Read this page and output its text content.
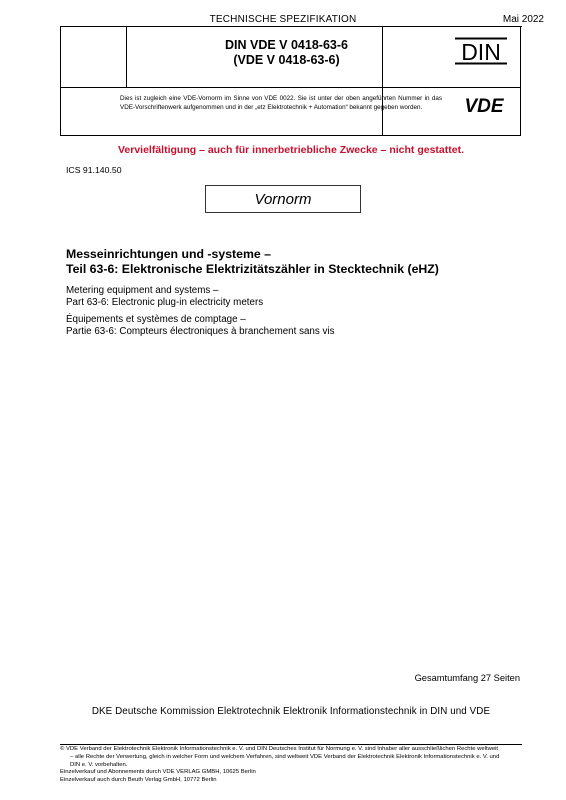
TECHNISCHE SPEZIFIKATION	Mai 2022
DIN VDE V 0418-63-6
(VDE V 0418-63-6)	DIN
Dies ist zugleich eine VDE-Vornorm im Sinne von VDE 0022. Sie ist unter der oben angeführten Nummer in das VDE-Vorschriftenwerk aufgenommen und in der „etz Elektrotechnik + Automation“ bekannt gegeben worden.	VDE
Vervielfältigung – auch für innerbetriebliche Zwecke – nicht gestattet.
ICS 91.140.50
Vornorm
Messeinrichtungen und -systeme –
Teil 63-6: Elektronische Elektrizitätszähler in Stecktechnik (eHZ)
Metering equipment and systems –
Part 63-6: Electronic plug-in electricity meters
Équipements et systèmes de comptage –
Partie 63-6: Compteurs électroniques à branchement sans vis
Gesamtumfang 27 Seiten
DKE Deutsche Kommission Elektrotechnik Elektronik Informationstechnik in DIN und VDE
© VDE Verband der Elektrotechnik Elektronik Informationstechnik e. V. und DIN Deutsches Institut für Normung e. V. sind Inhaber aller ausschließlichen Rechte weltweit
– alle Rechte der Verwertung, gleich in welcher Form und welchem Verfahren, sind weltweit VDE Verband der Elektrotechnik Elektronik Informationstechnik e. V. und
DIN e. V. vorbehalten.
Einzelverkauf und Abonnements durch VDE VERLAG GMBH, 10625 Berlin
Einzelverkauf auch durch Beuth Verlag GmbH, 10772 Berlin
